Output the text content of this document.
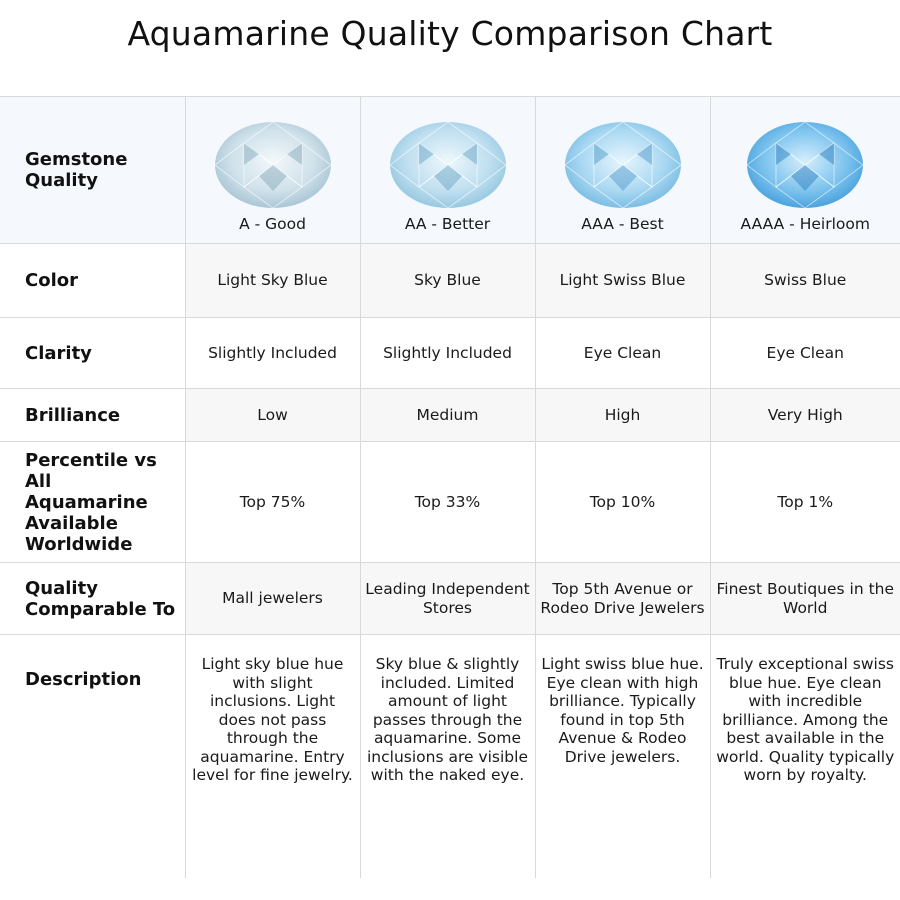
Aquamarine Quality Comparison Chart
Gemstone Quality	A - Good	AA - Better	AAA - Best	AAAA - Heirloom

Color	Light Sky Blue	Sky Blue	Light Swiss Blue	Swiss Blue
Clarity	Slightly Included	Slightly Included	Eye Clean	Eye Clean
Brilliance	Low	Medium	High	Very High
Percentile vs All Aquamarine Available Worldwide	Top 75%	Top 33%	Top 10%	Top 1%
Quality Comparable To	Mall jewelers	Leading Independent Stores	Top 5th Avenue or Rodeo Drive Jewelers	Finest Boutiques in the World
Description	Light sky blue hue with slight inclusions. Light does not pass through the aquamarine. Entry level for fine jewelry.	Sky blue & slightly included. Limited amount of light passes through the aquamarine. Some inclusions are visible with the naked eye.	Light swiss blue hue. Eye clean with high brilliance. Typically found in top 5th Avenue & Rodeo Drive jewelers.	Truly exceptional swiss blue hue. Eye clean with incredible brilliance. Among the best available in the world. Quality typically worn by royalty.
